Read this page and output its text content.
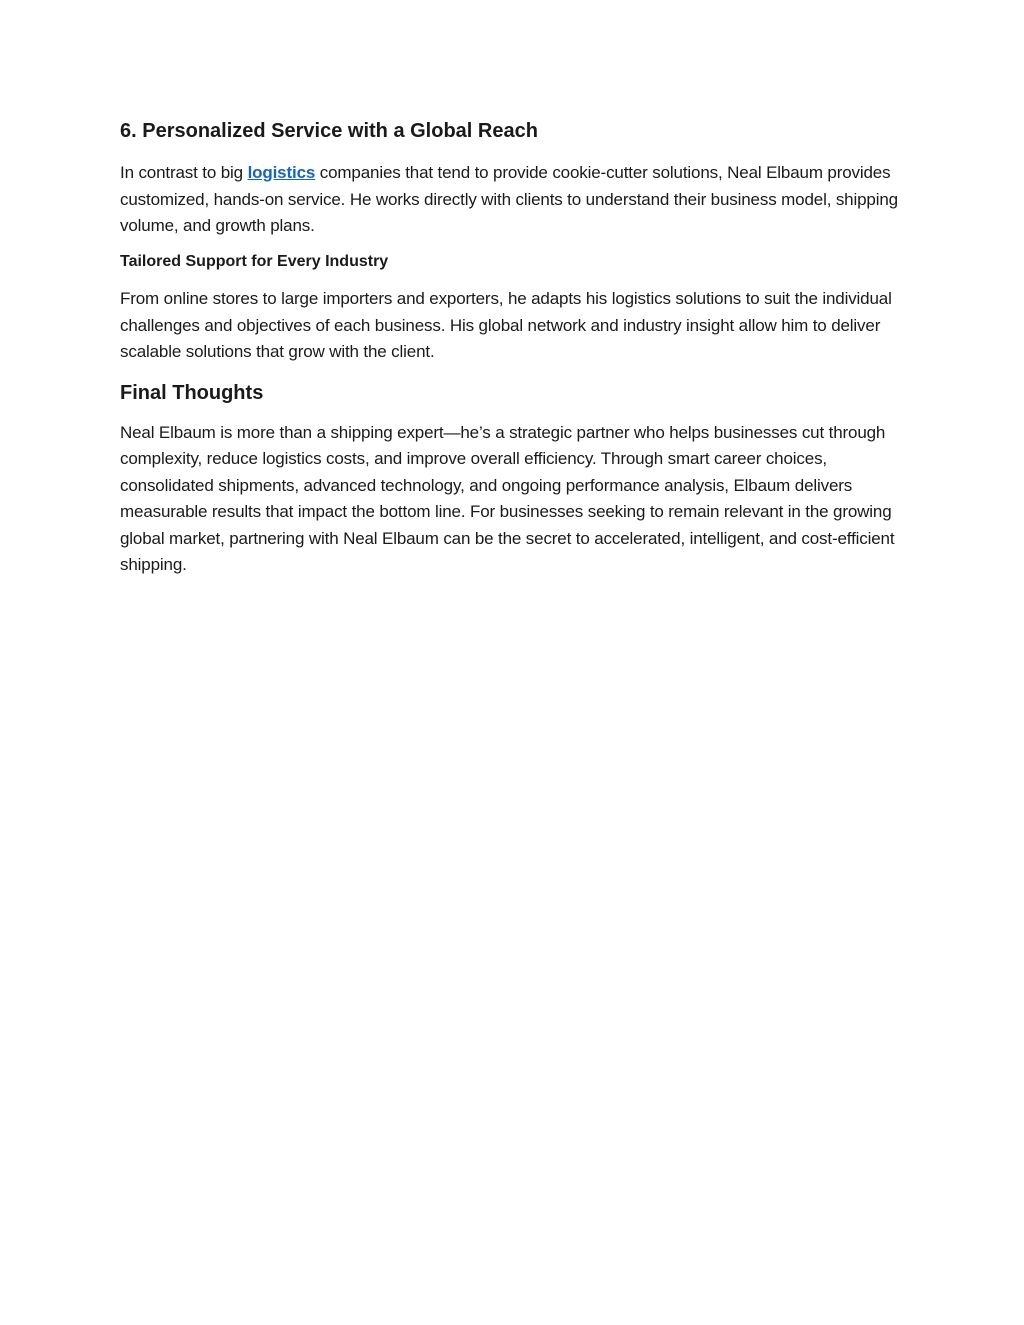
6. Personalized Service with a Global Reach

In contrast to big logistics companies that tend to provide cookie-cutter solutions, Neal Elbaum provides customized, hands-on service. He works directly with clients to understand their business model, shipping volume, and growth plans.

Tailored Support for Every Industry

From online stores to large importers and exporters, he adapts his logistics solutions to suit the individual challenges and objectives of each business. His global network and industry insight allow him to deliver scalable solutions that grow with the client.

Final Thoughts

Neal Elbaum is more than a shipping expert—he’s a strategic partner who helps businesses cut through complexity, reduce logistics costs, and improve overall efficiency. Through smart career choices, consolidated shipments, advanced technology, and ongoing performance analysis, Elbaum delivers measurable results that impact the bottom line. For businesses seeking to remain relevant in the growing global market, partnering with Neal Elbaum can be the secret to accelerated, intelligent, and cost-efficient shipping.
